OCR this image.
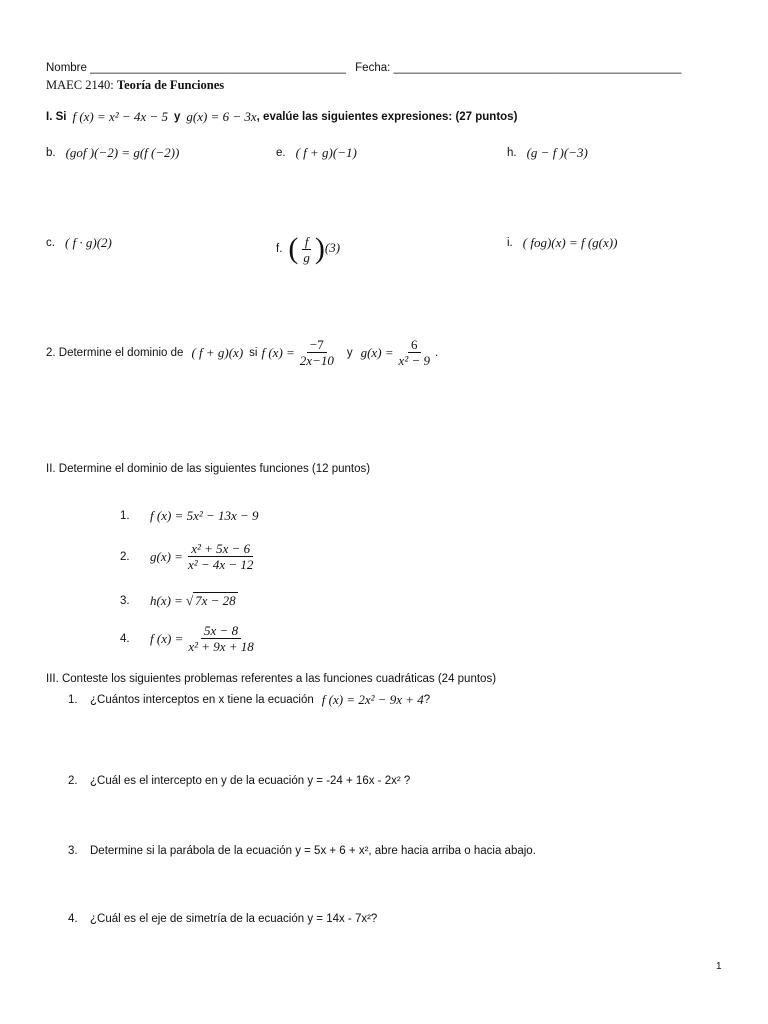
Nombre ________________________________________ Fecha: _____________________________________________
MAEC 2140: Teoría de Funciones
I. Si f (x) = x² − 4x − 5 y g(x) = 6 − 3x , evalúe las siguientes expresiones: (27 puntos)
b. (gof )(−2) = g(f (−2))	e. ( f + g)(−1)	h. (g − f )(−3)
c. ( f · g)(2)	f. ( $\frac{f}{g} )(3)$	i. ( fog)(x) = f (g(x))
2. Determine el dominio de ( f + g)(x) si f $(x) = \frac{-7}{2x-10}$ y $g(x) = \frac{6}{\text{x² − 9}}$ .
II. Determine el dominio de las siguientes funciones (12 puntos)
1.	f (x) = 5x² − 13x − 9
2.	$g(x) = \frac{\text{x² + 5x − 6}}{\text{x² − 4x − 12}}$
3.	h(x) = √ 7x − 28
4.	f $(x) = \frac{5x - 8}{\text{x² + 9x + 18}}$
III. Conteste los siguientes problemas referentes a las funciones cuadráticas (24 puntos)
1.	¿Cuántos interceptos en x tiene la ecuación f (x) = 2x² − 9x + 4 ?
2.	¿Cuál es el intercepto en y de la ecuación y = -24 + 16x - 2x² ?
3.	Determine si la parábola de la ecuación y = 5x + 6 + x², abre hacia arriba o hacia abajo.
4.	¿Cuál es el eje de simetría de la ecuación y = 14x - 7x²?
1
